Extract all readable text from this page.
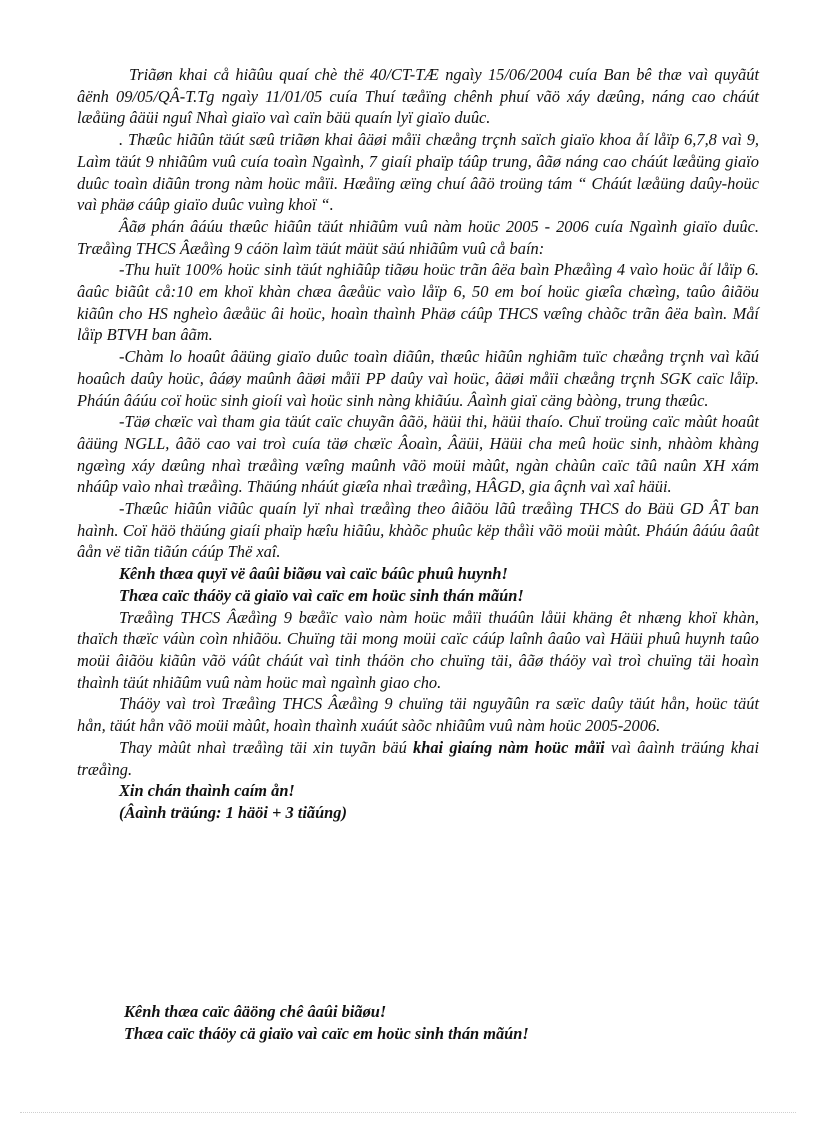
Triãøn khai cå hiãûu quaí chè thë 40/CT-TÆ ngaìy 15/06/2004 cuía Ban bê thæ vaì quyãút âënh 09/05/QÂ-T.Tg ngaìy 11/01/05 cuía Thuí tæåïng chênh phuí vãö xáy dæûng, náng cao cháút læåüng âäüi nguî Nhaì giaïo vaì caïn bäü quaín lyï giaïo duûc.

. Thæûc hiãûn täút sæû triãøn khai âäøi måïi chæång trçnh saïch giaïo khoa åí låïp 6,7,8 vaì 9, Laìm täút 9 nhiãûm vuû cuía toaìn Ngaình, 7 giaíi phaïp táûp trung, âãø náng cao cháút læåüng giaïo duûc toaìn diãûn trong nàm hoüc måïi. Hæåïng æïng chuí âãö troüng tám “ Cháút læåüng daûy-hoüc vaì phäø cáûp giaïo duûc vuìng khoï “.

Âãø phán âáúu thæûc hiãûn täút nhiãûm vuû nàm hoüc 2005 - 2006 cuía Ngaình giaïo duûc. Træåìng THCS Âæåìng 9 cáön laìm täút mäüt säú nhiãûm vuû cå baín:

-Thu huït 100% hoüc sinh täút nghiãûp tiãøu hoüc trãn âëa baìn Phæåìng 4 vaìo hoüc åí låïp 6. âaûc biãût cå:10 em khoï khàn chæa âæåüc vaìo låïp 6, 50 em boí hoüc giæîa chæìng, taûo âiãöu kiãûn cho HS ngheìo âæåüc âi hoüc, hoaìn thaình Phäø cáûp THCS væîng chàõc trãn âëa baìn. Måí låïp BTVH ban âãm.

-Chàm lo hoaût âäüng giaïo duûc toaìn diãûn, thæûc hiãûn nghiãm tuïc chæång trçnh vaì kãú hoaûch daûy hoüc, âáøy maûnh âäøi måïi PP daûy vaì hoüc, âäøi måïi chæång trçnh SGK caïc låïp. Pháún âáúu coï hoüc sinh gioíi vaì hoüc sinh nàng khiãúu. Âaình giaï cäng bàòng, trung thæûc.

-Täø chæïc vaì tham gia täút caïc chuyãn âãö, häüi thi, häüi thaío. Chuï troüng caïc màût hoaût âäüng NGLL, âãö cao vai troì cuía täø chæïc Âoaìn, Âäüi, Häüi cha meû hoüc sinh, nhàòm khàng ngæìng xáy dæûng nhaì træåìng væîng maûnh vãö moüi màût, ngàn chàûn caïc tãû naûn XH xám nháûp vaìo nhaì træåìng. Thäúng nháút giæîa nhaì træåìng, HÂGD, gia âçnh vaì xaî häüi.

-Thæûc hiãûn viãûc quaín lyï nhaì træåìng theo âiãöu lãû træåìng THCS do Bäü GD ÂT ban haình. Coï häö thäúng giaíi phaïp hæîu hiãûu, khàõc phuûc këp thåìi vãö moüi màût. Pháún âáúu âaût âån vë tiãn tiãún cáúp Thë xaî.

Kênh thæa quyï vë âaûi biãøu vaì caïc báûc phuû huynh!

Thæa caïc tháöy cä giaïo vaì caïc em hoüc sinh thán mãún!

Træåìng THCS Âæåìng 9 bæåïc vaìo nàm hoüc måïi thuáûn låüi khäng êt nhæng khoï khàn, thaïch thæïc váùn coìn nhiãöu. Chuïng täi mong moüi caïc cáúp laînh âaûo vaì Häüi phuû huynh taûo moüi âiãöu kiãûn vãö váût cháút vaì tinh tháön cho chuïng täi, âãø tháöy vaì troì chuïng täi hoaìn thaình täút nhiãûm vuû nàm hoüc maì ngaình giao cho.

Tháöy vaì troì Træåìng THCS Âæåìng 9 chuïng täi nguyãûn ra sæïc daûy täút hån, hoüc täút hån, täút hån vãö moüi màût, hoaìn thaình xuáút sàõc nhiãûm vuû nàm hoüc 2005-2006.

Thay màût nhaì træåìng täi xin tuyãn bäú khai giaíng nàm hoüc måïi vaì âaình träúng khai træåìng.

Xin chán thaình caím ån!

(Âaình träúng: 1 häöi + 3 tiãúng)

Kênh thæa caïc âäöng chê âaûi biãøu!

Thæa caïc tháöy cä giaïo vaì caïc em hoüc sinh thán mãún!
